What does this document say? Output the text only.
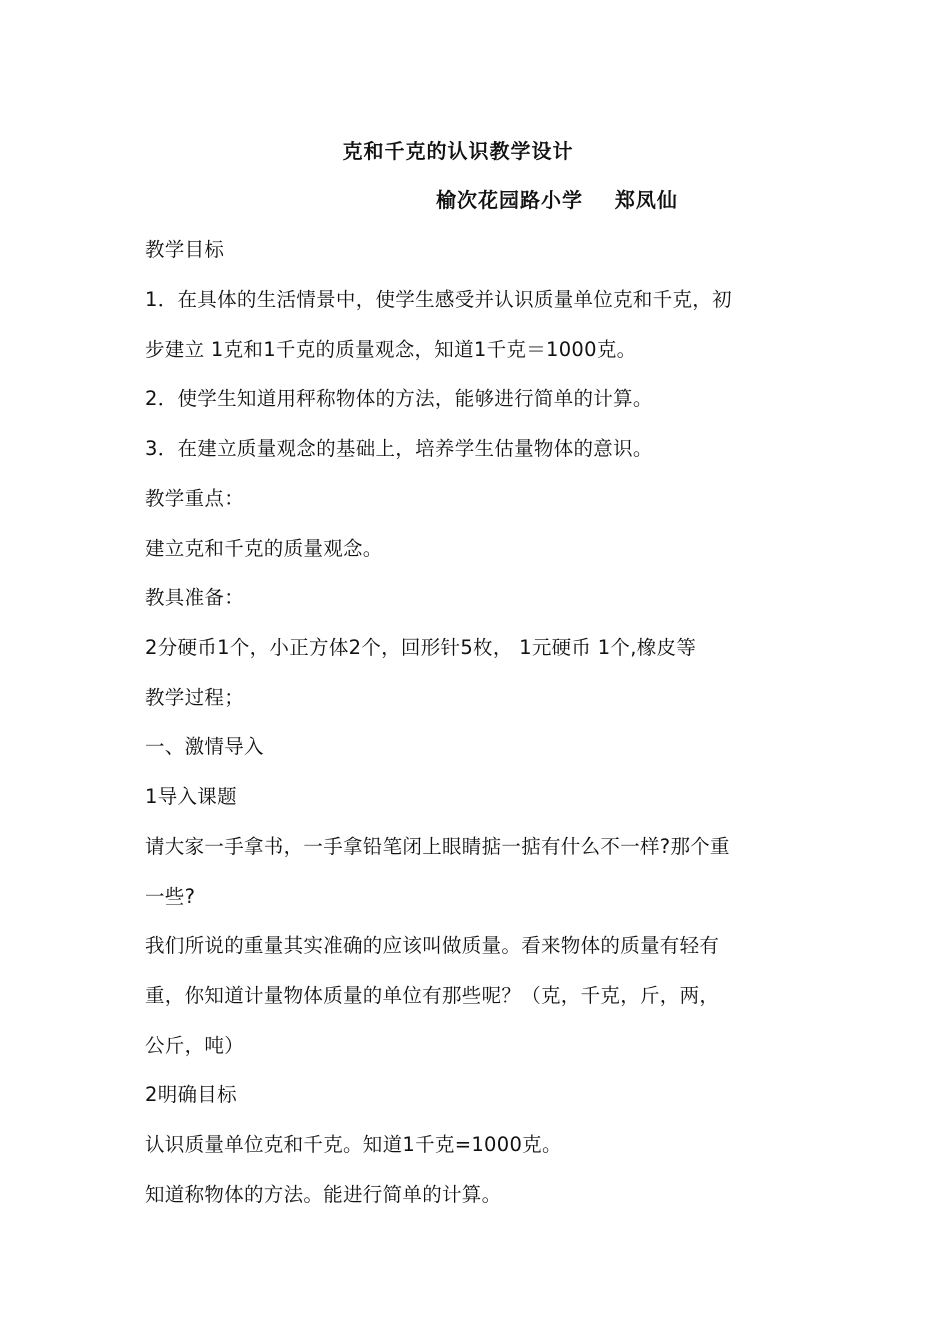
克和千克的认识教学设计
榆次花园路小学    郑凤仙
教学目标
1．在具体的生活情景中，使学生感受并认识质量单位克和千克，初
步建立 1克和1千克的质量观念，知道1千克＝1000克。
2．使学生知道用秤称物体的方法，能够进行简单的计算。
3．在建立质量观念的基础上，培养学生估量物体的意识。
教学重点：
建立克和千克的质量观念。
教具准备：
2分硬币1个，小正方体2个，回形针5枚， 1元硬币 1个,橡皮等
教学过程；
一、激情导入
1导入课题
请大家一手拿书，一手拿铅笔闭上眼睛掂一掂有什么不一样?那个重
一些?
我们所说的重量其实准确的应该叫做质量。看来物体的质量有轻有
重，你知道计量物体质量的单位有那些呢？（克，千克，斤，两，
公斤，吨）
2明确目标
认识质量单位克和千克。知道1千克=1000克。
知道称物体的方法。能进行简单的计算。
